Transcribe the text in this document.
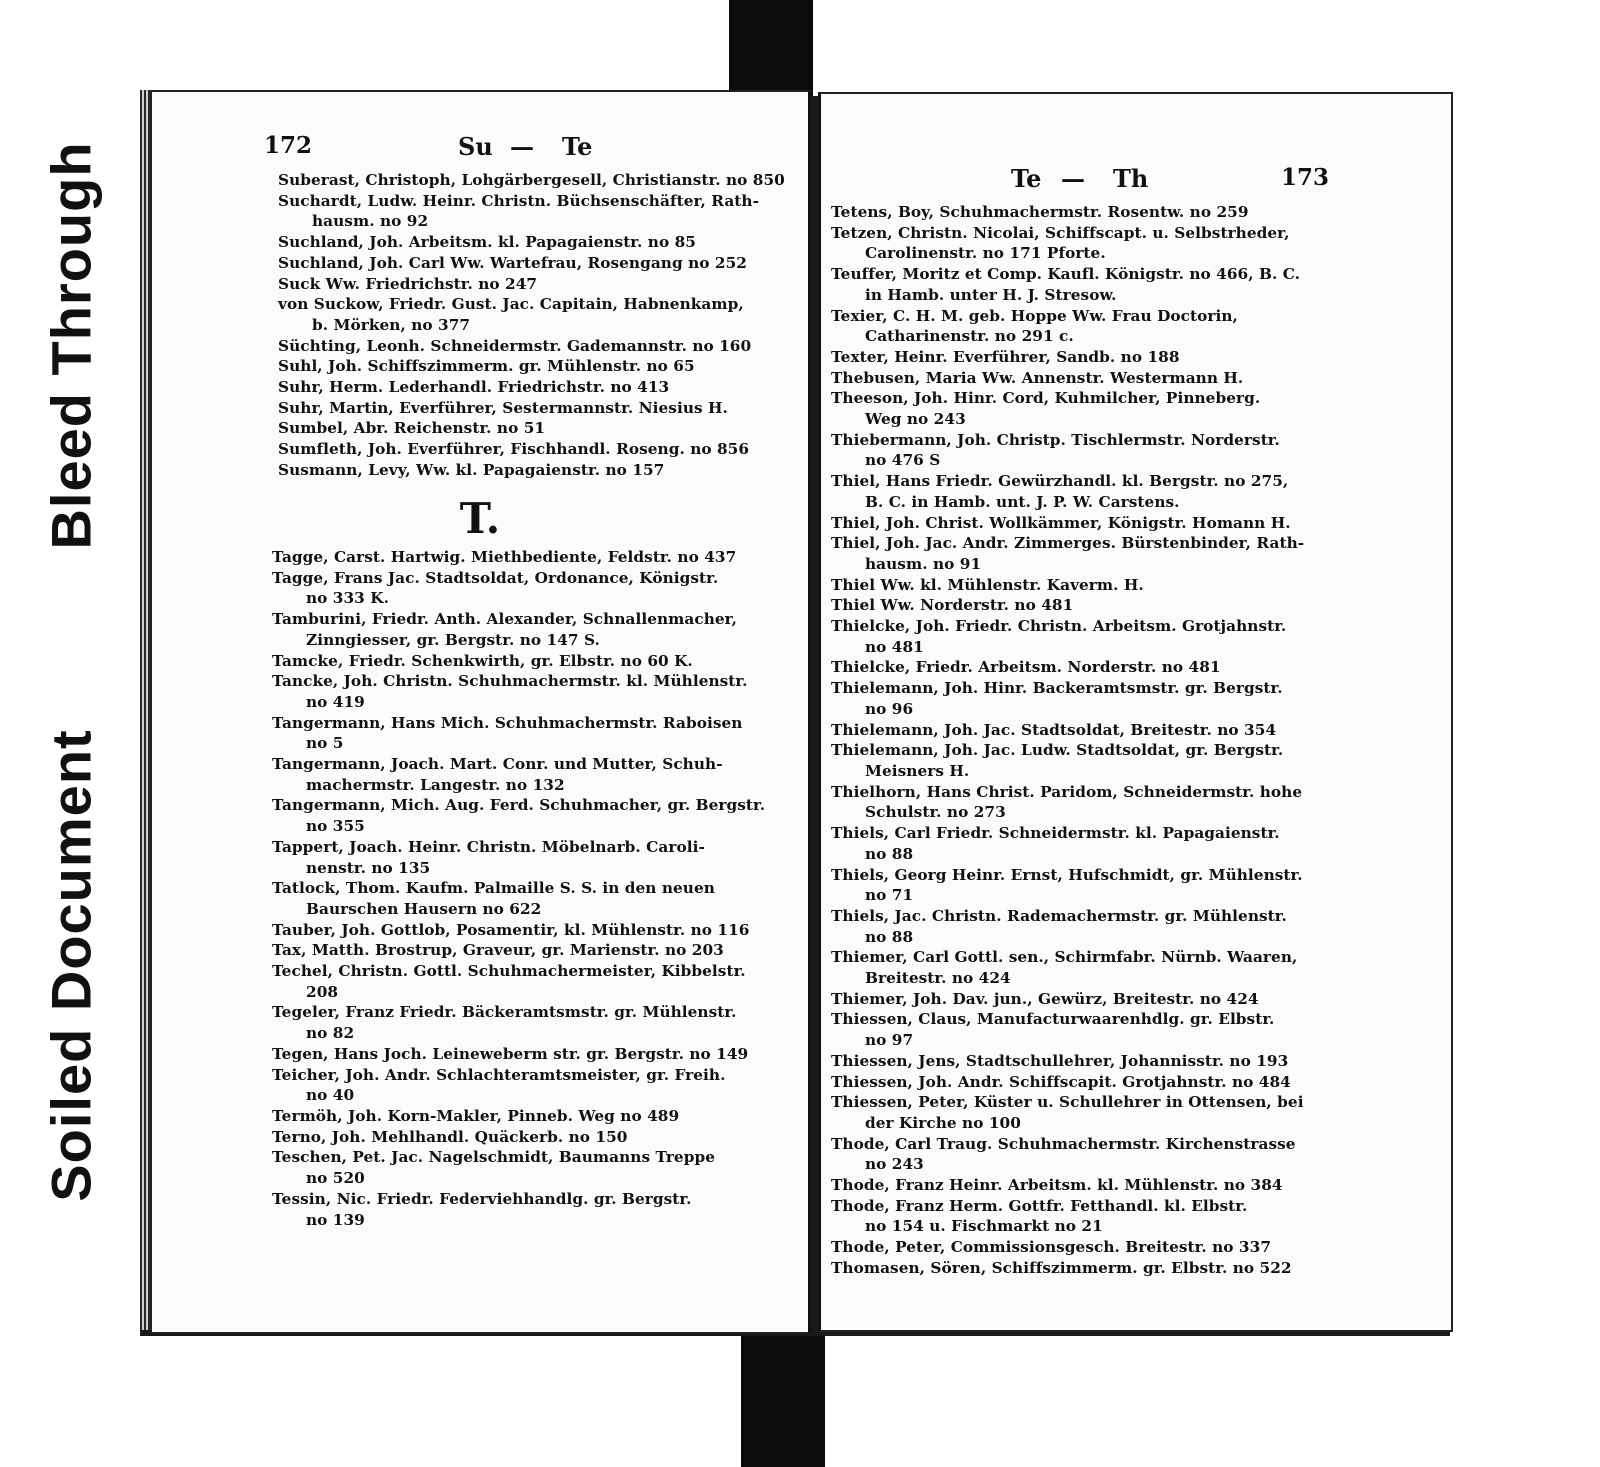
Bleed Through
Soiled Document
172	Su — Te
Suberast, Christoph, Lohgärbergesell, Christianstr. no 850
Suchardt, Ludw. Heinr. Christn. Büchsenschäfter, Rath-
hausm. no 92
Suchland, Joh. Arbeitsm. kl. Papagaienstr. no 85
Suchland, Joh. Carl Ww. Wartefrau, Rosengang no 252
Suck Ww. Friedrichstr. no 247
von Suckow, Friedr. Gust. Jac. Capitain, Habnenkamp,
b. Mörken, no 377
Süchting, Leonh. Schneidermstr. Gademannstr. no 160
Suhl, Joh. Schiffszimmerm. gr. Mühlenstr. no 65
Suhr, Herm. Lederhandl. Friedrichstr. no 413
Suhr, Martin, Everführer, Sestermannstr. Niesius H.
Sumbel, Abr. Reichenstr. no 51
Sumfleth, Joh. Everführer, Fischhandl. Roseng. no 856
Susmann, Levy, Ww. kl. Papagaienstr. no 157
T.
Tagge, Carst. Hartwig. Miethbediente, Feldstr. no 437
Tagge, Frans Jac. Stadtsoldat, Ordonance, Königstr.
no 333 K.
Tamburini, Friedr. Anth. Alexander, Schnallenmacher,
Zinngiesser, gr. Bergstr. no 147 S.
Tamcke, Friedr. Schenkwirth, gr. Elbstr. no 60 K.
Tancke, Joh. Christn. Schuhmachermstr. kl. Mühlenstr.
no 419
Tangermann, Hans Mich. Schuhmachermstr. Raboisen
no 5
Tangermann, Joach. Mart. Conr. und Mutter, Schuh-
machermstr. Langestr. no 132
Tangermann, Mich. Aug. Ferd. Schuhmacher, gr. Bergstr.
no 355
Tappert, Joach. Heinr. Christn. Möbelnarb. Caroli-
nenstr. no 135
Tatlock, Thom. Kaufm. Palmaille S. S. in den neuen
Baurschen Hausern no 622
Tauber, Joh. Gottlob, Posamentir, kl. Mühlenstr. no 116
Tax, Matth. Brostrup, Graveur, gr. Marienstr. no 203
Techel, Christn. Gottl. Schuhmachermeister, Kibbelstr.
208
Tegeler, Franz Friedr. Bäckeramtsmstr. gr. Mühlenstr.
no 82
Tegen, Hans Joch. Leineweberm str. gr. Bergstr. no 149
Teicher, Joh. Andr. Schlachteramtsmeister, gr. Freih.
no 40
Termöh, Joh. Korn-Makler, Pinneb. Weg no 489
Terno, Joh. Mehlhandl. Quäckerb. no 150
Teschen, Pet. Jac. Nagelschmidt, Baumanns Treppe
no 520
Tessin, Nic. Friedr. Federviehhandlg. gr. Bergstr.
no 139
Te — Th	173
Tetens, Boy, Schuhmachermstr. Rosentw. no 259
Tetzen, Christn. Nicolai, Schiffscapt. u. Selbstrheder,
Carolinenstr. no 171 Pforte.
Teuffer, Moritz et Comp. Kaufl. Königstr. no 466, B. C.
in Hamb. unter H. J. Stresow.
Texier, C. H. M. geb. Hoppe Ww. Frau Doctorin,
Catharinenstr. no 291 c.
Texter, Heinr. Everführer, Sandb. no 188
Thebusen, Maria Ww. Annenstr. Westermann H.
Theeson, Joh. Hinr. Cord, Kuhmilcher, Pinneberg.
Weg no 243
Thiebermann, Joh. Christp. Tischlermstr. Norderstr.
no 476 S
Thiel, Hans Friedr. Gewürzhandl. kl. Bergstr. no 275,
B. C. in Hamb. unt. J. P. W. Carstens.
Thiel, Joh. Christ. Wollkämmer, Königstr. Homann H.
Thiel, Joh. Jac. Andr. Zimmerges. Bürstenbinder, Rath-
hausm. no 91
Thiel Ww. kl. Mühlenstr. Kaverm. H.
Thiel Ww. Norderstr. no 481
Thielcke, Joh. Friedr. Christn. Arbeitsm. Grotjahnstr.
no 481
Thielcke, Friedr. Arbeitsm. Norderstr. no 481
Thielemann, Joh. Hinr. Backeramtsmstr. gr. Bergstr.
no 96
Thielemann, Joh. Jac. Stadtsoldat, Breitestr. no 354
Thielemann, Joh. Jac. Ludw. Stadtsoldat, gr. Bergstr.
Meisners H.
Thielhorn, Hans Christ. Paridom, Schneidermstr. hohe
Schulstr. no 273
Thiels, Carl Friedr. Schneidermstr. kl. Papagaienstr.
no 88
Thiels, Georg Heinr. Ernst, Hufschmidt, gr. Mühlenstr.
no 71
Thiels, Jac. Christn. Rademachermstr. gr. Mühlenstr.
no 88
Thiemer, Carl Gottl. sen., Schirmfabr. Nürnb. Waaren,
Breitestr. no 424
Thiemer, Joh. Dav. jun., Gewürz, Breitestr. no 424
Thiessen, Claus, Manufacturwaarenhdlg. gr. Elbstr.
no 97
Thiessen, Jens, Stadtschullehrer, Johannisstr. no 193
Thiessen, Joh. Andr. Schiffscapit. Grotjahnstr. no 484
Thiessen, Peter, Küster u. Schullehrer in Ottensen, bei
der Kirche no 100
Thode, Carl Traug. Schuhmachermstr. Kirchenstrasse
no 243
Thode, Franz Heinr. Arbeitsm. kl. Mühlenstr. no 384
Thode, Franz Herm. Gottfr. Fetthandl. kl. Elbstr.
no 154 u. Fischmarkt no 21
Thode, Peter, Commissionsgesch. Breitestr. no 337
Thomasen, Sören, Schiffszimmerm. gr. Elbstr. no 522
